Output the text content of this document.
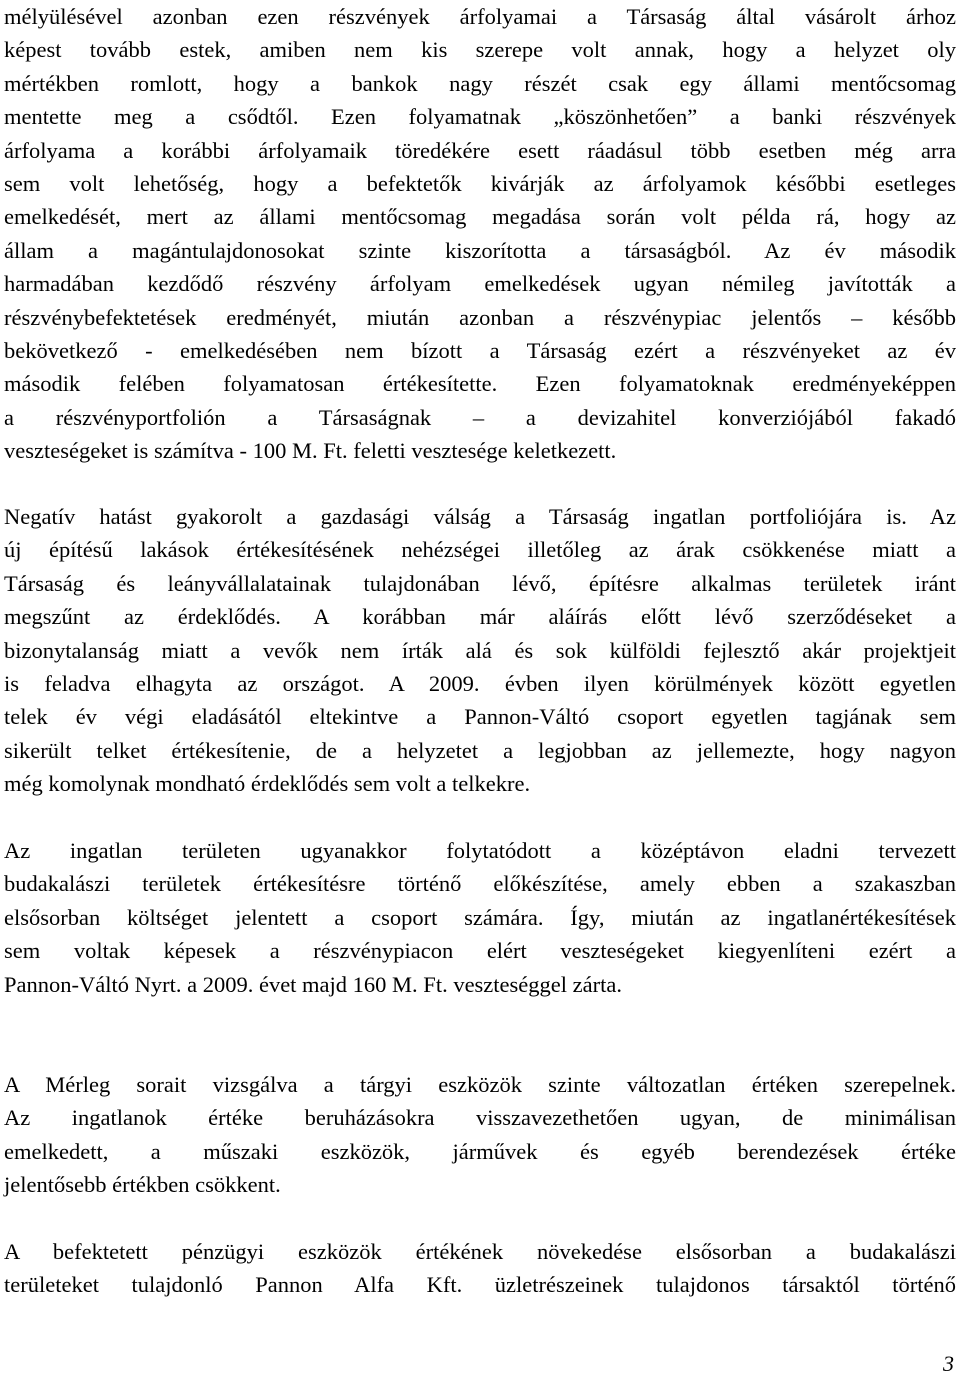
mélyülésével azonban ezen részvények árfolyamai a Társaság által vásárolt árhoz
képest tovább estek, amiben nem kis szerepe volt annak, hogy a helyzet oly
mértékben romlott, hogy a bankok nagy részét csak egy állami mentőcsomag
mentette meg a csődtől. Ezen folyamatnak „köszönhetően” a banki részvények
árfolyama a korábbi árfolyamaik töredékére esett ráadásul több esetben még arra
sem volt lehetőség, hogy a befektetők kivárják az árfolyamok későbbi esetleges
emelkedését, mert az állami mentőcsomag megadása során volt példa rá, hogy az
állam a magántulajdonosokat szinte kiszorította a társaságból. Az év második
harmadában kezdődő részvény árfolyam emelkedések ugyan némileg javították a
részvénybefektetések eredményét, miután azonban a részvénypiac jelentős – később
bekövetkező - emelkedésében nem bízott a Társaság ezért a részvényeket az év
második felében folyamatosan értékesítette. Ezen folyamatoknak eredményeképpen
a részvényportfolión a Társaságnak – a devizahitel konverziójából fakadó
veszteségeket is számítva - 100 M. Ft. feletti vesztesége keletkezett.

Negatív hatást gyakorolt a gazdasági válság a Társaság ingatlan portfoliójára is. Az
új építésű lakások értékesítésének nehézségei illetőleg az árak csökkenése miatt a
Társaság és leányvállalatainak tulajdonában lévő, építésre alkalmas területek iránt
megszűnt az érdeklődés. A korábban már aláírás előtt lévő szerződéseket a
bizonytalanság miatt a vevők nem írták alá és sok külföldi fejlesztő akár projektjeit
is feladva elhagyta az országot. A 2009. évben ilyen körülmények között egyetlen
telek év végi eladásától eltekintve a Pannon-Váltó csoport egyetlen tagjának sem
sikerült telket értékesítenie, de a helyzetet a legjobban az jellemezte, hogy nagyon
még komolynak mondható érdeklődés sem volt a telkekre.

Az ingatlan területen ugyanakkor folytatódott a középtávon eladni tervezett
budakalászi területek értékesítésre történő előkészítése, amely ebben a szakaszban
elsősorban költséget jelentett a csoport számára. Így, miután az ingatlanértékesítések
sem voltak képesek a részvénypiacon elért veszteségeket kiegyenlíteni ezért a
Pannon-Váltó Nyrt. a 2009. évet majd 160 M. Ft. veszteséggel zárta.

A Mérleg sorait vizsgálva a tárgyi eszközök szinte változatlan értéken szerepelnek.
Az ingatlanok értéke beruházásokra visszavezethetően ugyan, de minimálisan
emelkedett, a műszaki eszközök, járművek és egyéb berendezések értéke
jelentősebb értékben csökkent.

A befektetett pénzügyi eszközök értékének növekedése elsősorban a budakalászi
területeket tulajdonló Pannon Alfa Kft. üzletrészeinek tulajdonos társaktól történő

3
